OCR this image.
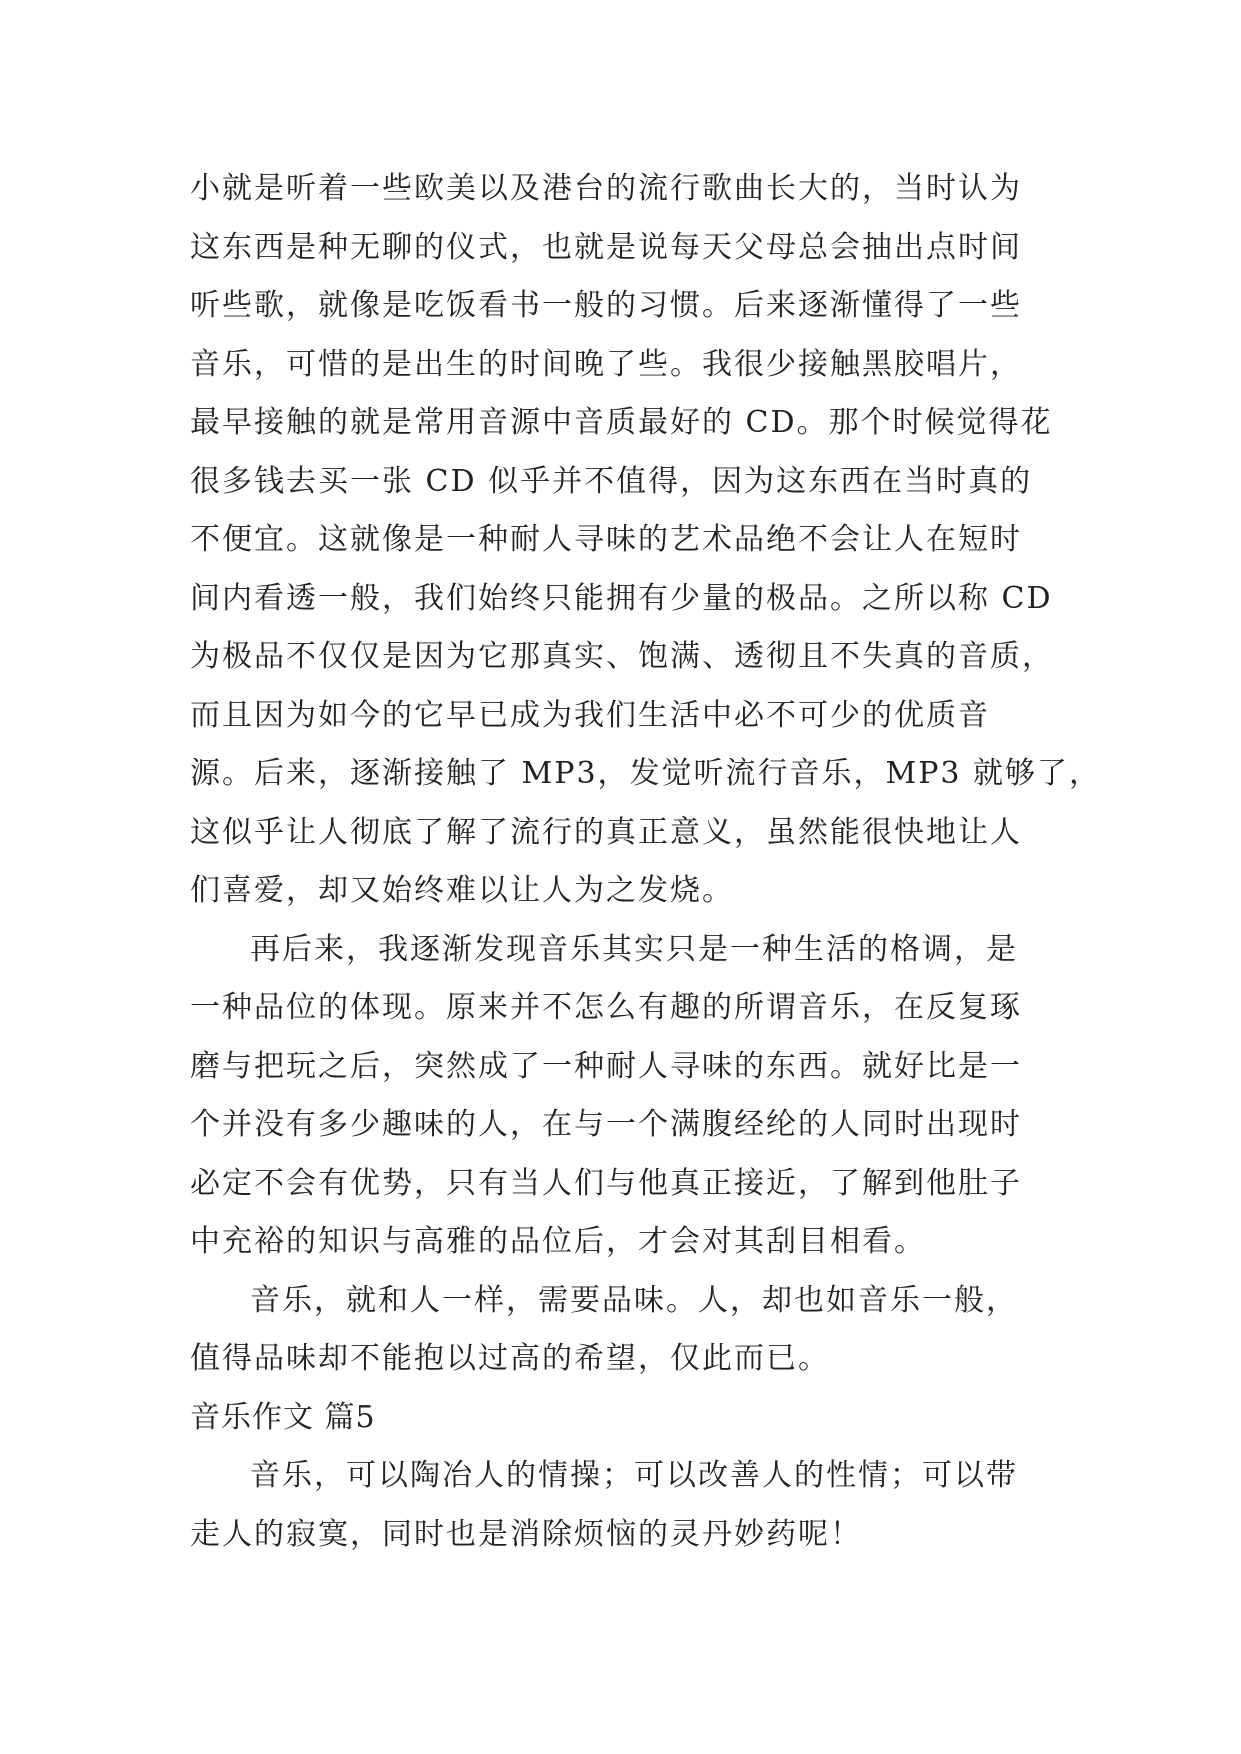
小就是听着一些欧美以及港台的流行歌曲长大的，当时认为
这东西是种无聊的仪式，也就是说每天父母总会抽出点时间
听些歌，就像是吃饭看书一般的习惯。后来逐渐懂得了一些
音乐，可惜的是出生的时间晚了些。我很少接触黑胶唱片，
最早接触的就是常用音源中音质最好的 CD。那个时候觉得花
很多钱去买一张 CD 似乎并不值得，因为这东西在当时真的
不便宜。这就像是一种耐人寻味的艺术品绝不会让人在短时
间内看透一般，我们始终只能拥有少量的极品。之所以称 CD
为极品不仅仅是因为它那真实、饱满、透彻且不失真的音质，
而且因为如今的它早已成为我们生活中必不可少的优质音
源。后来，逐渐接触了 MP3，发觉听流行音乐，MP3 就够了，
这似乎让人彻底了解了流行的真正意义，虽然能很快地让人
们喜爱，却又始终难以让人为之发烧。
再后来，我逐渐发现音乐其实只是一种生活的格调，是
一种品位的体现。原来并不怎么有趣的所谓音乐，在反复琢
磨与把玩之后，突然成了一种耐人寻味的东西。就好比是一
个并没有多少趣味的人，在与一个满腹经纶的人同时出现时
必定不会有优势，只有当人们与他真正接近，了解到他肚子
中充裕的知识与高雅的品位后，才会对其刮目相看。
音乐，就和人一样，需要品味。人，却也如音乐一般，
值得品味却不能抱以过高的希望，仅此而已。
音乐作文 篇5
音乐，可以陶冶人的情操；可以改善人的性情；可以带
走人的寂寞，同时也是消除烦恼的灵丹妙药呢！
